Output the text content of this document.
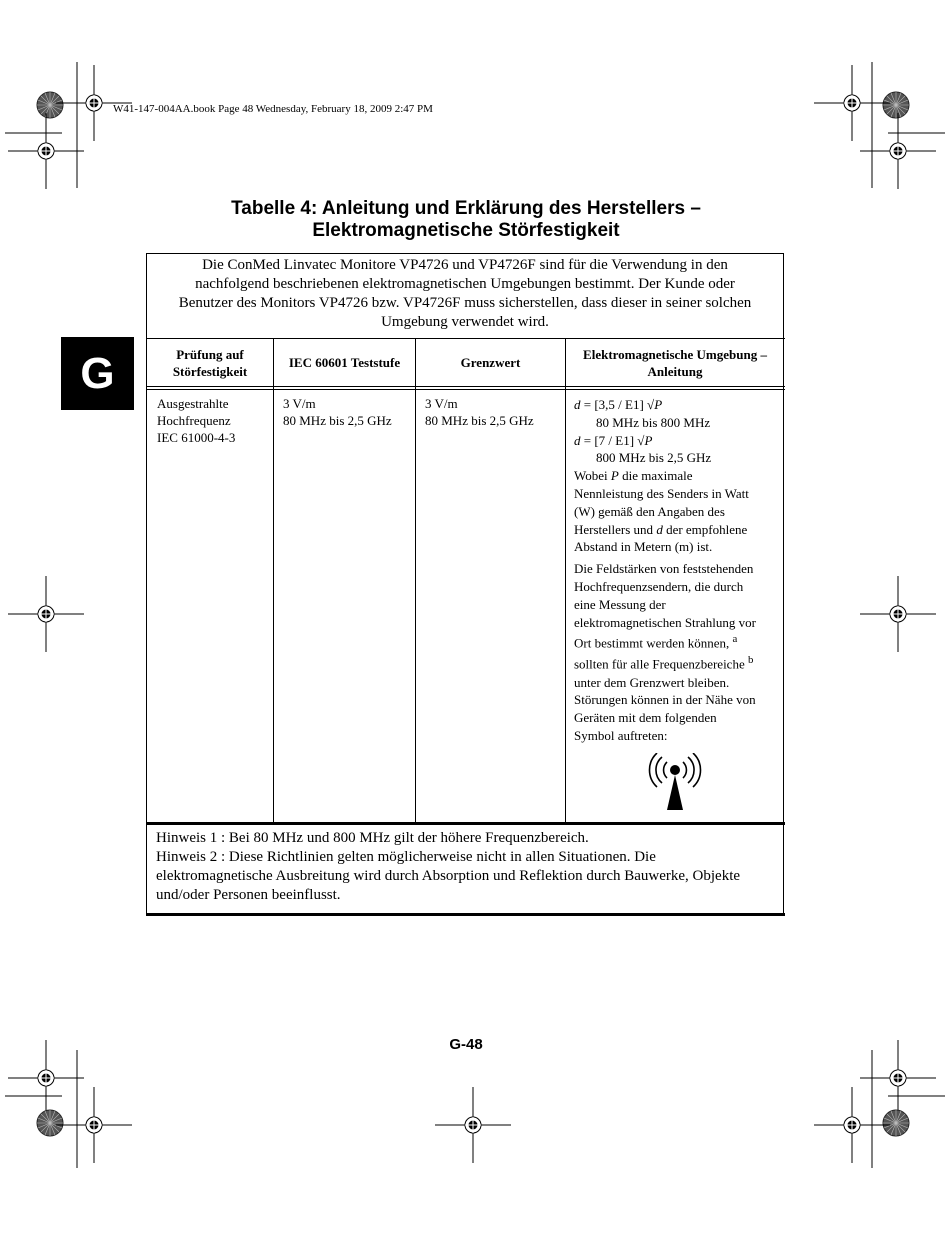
W41-147-004AA.book Page 48 Wednesday, February 18, 2009 2:47 PM
Tabelle 4: Anleitung und Erklärung des Herstellers –
Elektromagnetische Störfestigkeit
G
Die ConMed Linvatec Monitore VP4726 und VP4726F sind für die Verwendung in den
nachfolgend beschriebenen elektromagnetischen Umgebungen bestimmt. Der Kunde oder
Benutzer des Monitors VP4726 bzw. VP4726F muss sicherstellen, dass dieser in seiner solchen
Umgebung verwendet wird.
Prüfung auf
Störfestigkeit
IEC 60601 Teststufe	Grenzwert
Elektromagnetische Umgebung –
Anleitung
Ausgestrahlte
Hochfrequenz
IEC 61000-4-3
3 V/m
80 MHz bis 2,5 GHz
3 V/m
80 MHz bis 2,5 GHz

d = [3,5 / E1] √P

80 MHz bis 800 MHz

d = [7 / E1] √P

800 MHz bis 2,5 GHz

Wobei P die maximale

Nennleistung des Senders in Watt

(W) gemäß den Angaben des

Herstellers und d der empfohlene

Abstand in Metern (m) ist.

Die Feldstärken von feststehenden

Hochfrequenzsendern, die durch

eine Messung der

elektromagnetischen Strahlung vor

Ort bestimmt werden können, $^a$

sollten für alle Frequenzbereiche $^b$

unter dem Grenzwert bleiben.

Störungen können in der Nähe von

Geräten mit dem folgenden

Symbol auftreten:

Hinweis 1 : Bei 80 MHz und 800 MHz gilt der höhere Frequenzbereich.
Hinweis 2 : Diese Richtlinien gelten möglicherweise nicht in allen Situationen. Die
elektromagnetische Ausbreitung wird durch Absorption und Reflektion durch Bauwerke, Objekte
und/oder Personen beeinflusst.
G-48
